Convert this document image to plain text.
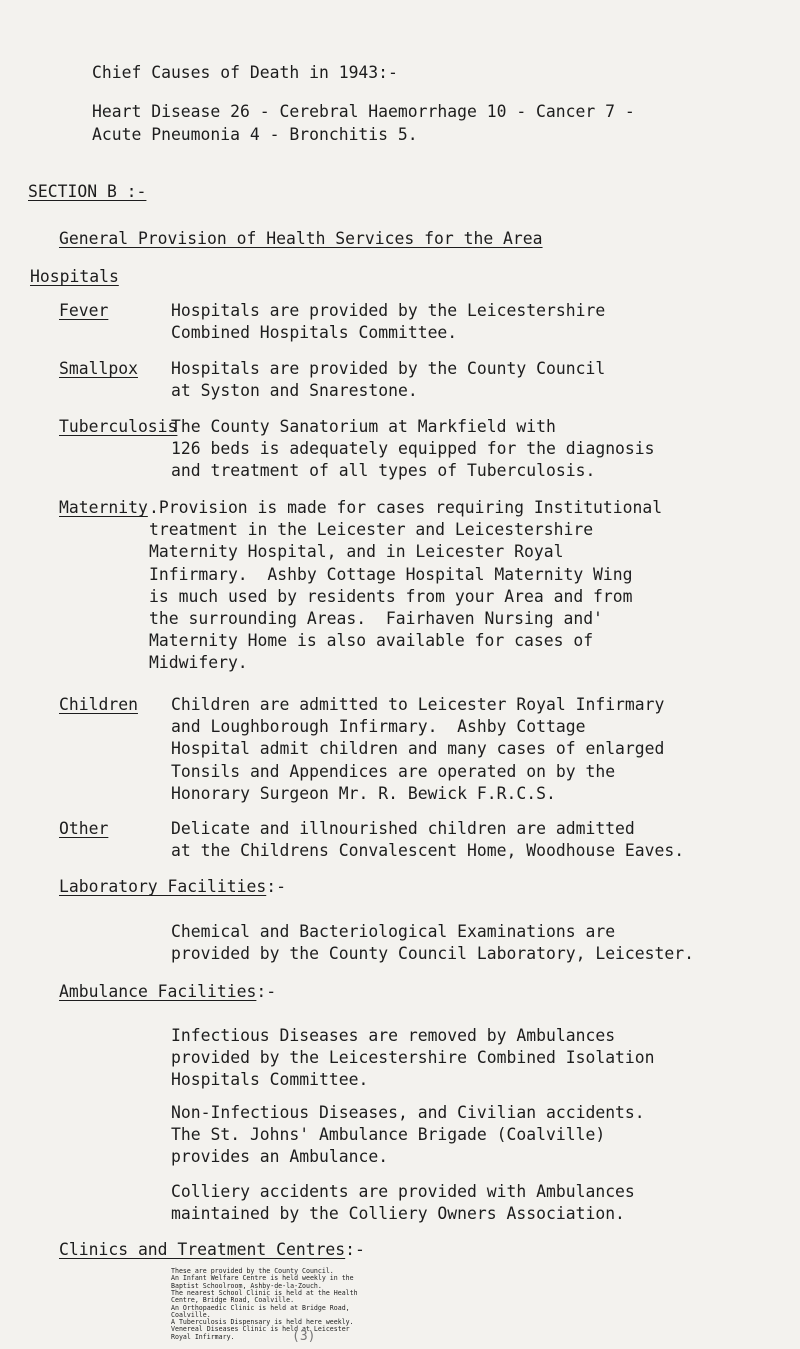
Chief Causes of Death in 1943:-
Heart Disease 26 - Cerebral Haemorrhage 10 - Cancer 7 -
Acute Pneumonia 4 - Bronchitis 5.
SECTION B :-
General Provision of Health Services for the Area
Hospitals
Fever	Hospitals are provided by the Leicestershire
Combined Hospitals Committee.
Smallpox Hospitals are provided by the County Council
at Syston and Snarestone.
Tuberculosis
The County Sanatorium at Markfield with
126 beds is adequately equipped for the diagnosis
and treatment of all types of Tuberculosis.
Maternity .Provision is made for cases requiring Institutional
treatment in the Leicester and Leicestershire
Maternity Hospital, and in Leicester Royal
Infirmary.  Ashby Cottage Hospital Maternity Wing
is much used by residents from your Area and from
the surrounding Areas.  Fairhaven Nursing and'
Maternity Home is also available for cases of
Midwifery.
Children Children are admitted to Leicester Royal Infirmary
and Loughborough Infirmary.  Ashby Cottage
Hospital admit children and many cases of enlarged
Tonsils and Appendices are operated on by the
Honorary Surgeon Mr. R. Bewick F.R.C.S.
Other	Delicate and illnourished children are admitted
at the Childrens Convalescent Home, Woodhouse Eaves.
Laboratory Facilities:-
Chemical and Bacteriological Examinations are
provided by the County Council Laboratory, Leicester.
Ambulance Facilities:-
Infectious Diseases are removed by Ambulances
provided by the Leicestershire Combined Isolation
Hospitals Committee.
Non-Infectious Diseases, and Civilian accidents.
The St. Johns' Ambulance Brigade (Coalville)
provides an Ambulance.
Colliery accidents are provided with Ambulances
maintained by the Colliery Owners Association.
Clinics and Treatment Centres:-
These are provided by the County Council.
An Infant Welfare Centre is held weekly in the
Baptist Schoolroom, Ashby-de-la-Zouch.
The nearest School Clinic is held at the Health
Centre, Bridge Road, Coalville.
An Orthopaedic Clinic is held at Bridge Road,
Coalville.
A Tuberculosis Dispensary is held here weekly.
Venereal Diseases Clinic is held at Leicester
Royal Infirmary.	(3)
